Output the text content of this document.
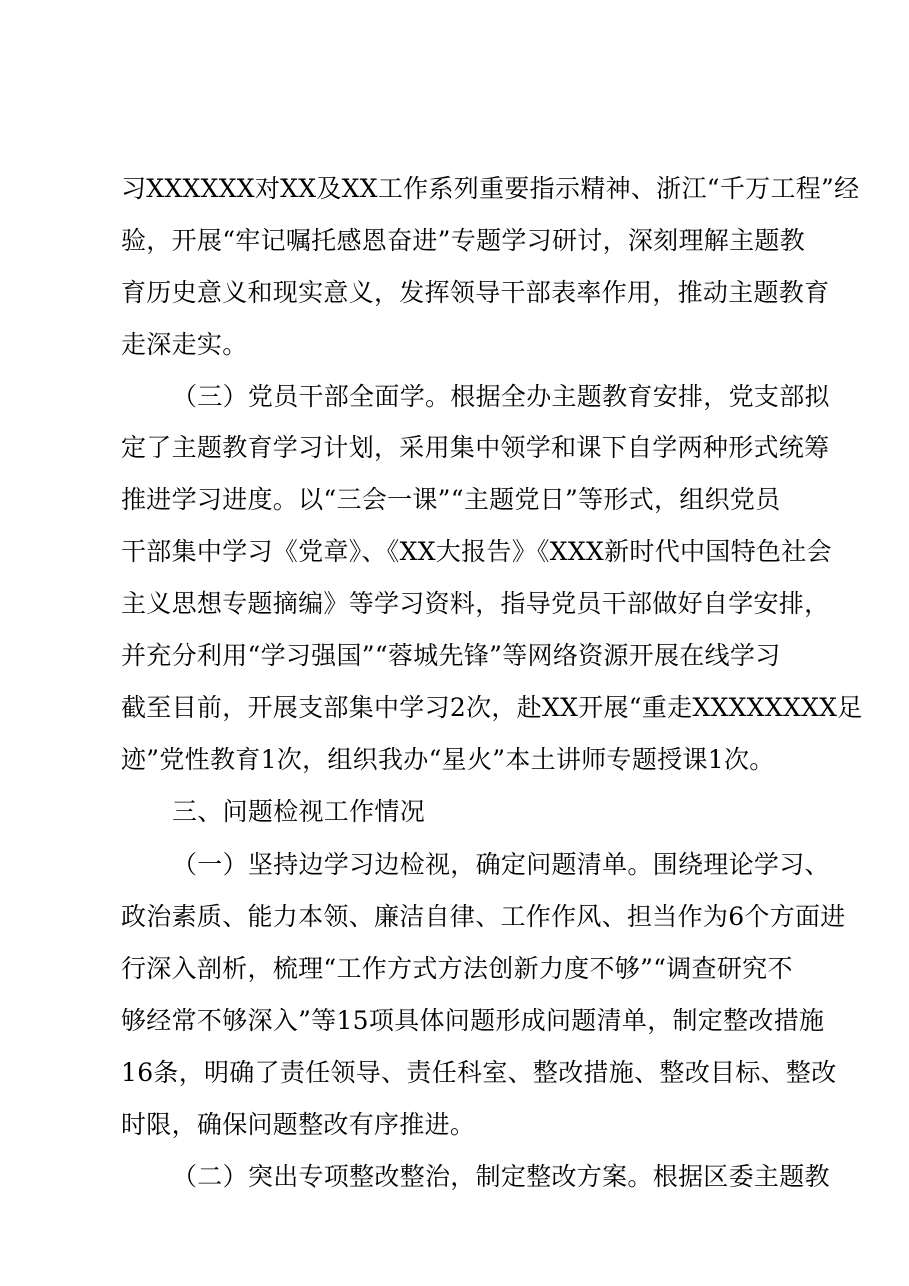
习XXXXXX对XX及XX工作系列重要指示精神、浙江“千万工程”经
验，开展“牢记嘱托感恩奋进”专题学习研讨，深刻理解主题教
育历史意义和现实意义，发挥领导干部表率作用，推动主题教育
走深走实。
（三）党员干部全面学。根据全办主题教育安排，党支部拟
定了主题教育学习计划，采用集中领学和课下自学两种形式统筹
推进学习进度。以“三会一课”“主题党日”等形式，组织党员
干部集中学习《党章》、《XX大报告》《XXX新时代中国特色社会
主义思想专题摘编》等学习资料，指导党员干部做好自学安排，
并充分利用“学习强国”“蓉城先锋”等网络资源开展在线学习
截至目前，开展支部集中学习2次，赴XX开展“重走XXXXXXXX足
迹”党性教育1次，组织我办“星火”本土讲师专题授课1次。
三、问题检视工作情况
（一）坚持边学习边检视，确定问题清单。围绕理论学习、
政治素质、能力本领、廉洁自律、工作作风、担当作为6个方面进
行深入剖析，梳理“工作方式方法创新力度不够”“调查研究不
够经常不够深入”等15项具体问题形成问题清单，制定整改措施
16条，明确了责任领导、责任科室、整改措施、整改目标、整改
时限，确保问题整改有序推进。
（二）突出专项整改整治，制定整改方案。根据区委主题教
